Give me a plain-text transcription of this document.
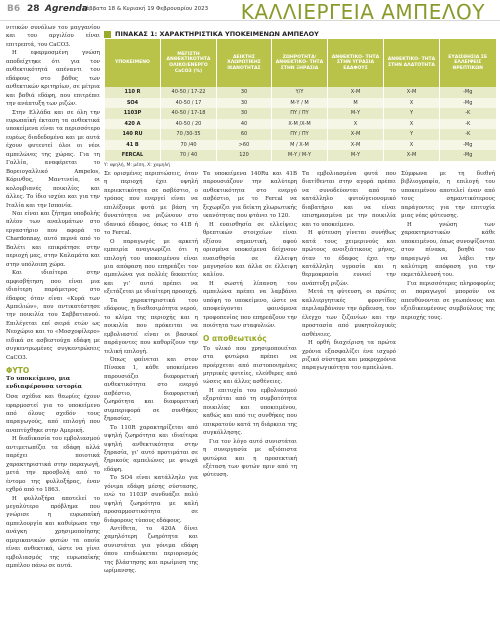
B6 28 Agrenda
Σάββατο 18 & Κυριακή 19 Φεβρουαρίου 2023 ΚΑΛΛΙΕΡΓΕΙΑ ΑΜΠΕΛΟΥ

νιτικών συνόλων του μαγγανίου και του αργιλίου είναι επιτρεπτά, του CaCO3.

Η εφαρμοσμένη γνώση αποδείχτηκε ότι για τον ανθεκτικότητά απέναντι του εδάφους στο βάθος των ανθεκτικών κριτηρίων, σε μέτρια και βαθιά εδάφη, που επιτρέπει την ανάπτυξη των ριζών.

Στην Ελλάδα και σε όλη την ευρωπαϊκή έκταση τα ανθεκτικά υποκείμενα είναι τα περισσότερο ευρέως διαδεδομένα και με αυτά έχουν φυτευτεί όλοι οι νέοι αμπελώνες της χώρας. Για τη Γαλλία, αναφέρεται το Βορειογαλλικό Ampelos, Κόρινθος, Μαντινεία, οι κολομβιανές ποικιλίες και άλλες. Το ίδιο ισχύει και για την Ιταλία και την Ισπανία.

Ναι είναι και ζήτημα υποβολής πλέον των αναλυμάτων στο εργαστήριο που αφορά το Chardonnay, αυτό περνά από το Βαλέτι και επικράτησε στην περιοχή μας, στην Καλαμάτα και στην υπόλοιπη χώρα.

Και ιδιαίτερα στην αμφισβήτηση που είναι μια ιδιαίτερη παράμετρος στο έδαφος όταν είναι «Κυρά των Αμπελιών», που αντικατέστησε την ποικιλία του Σαββατιανού. Επιλέγεται επί σειρά ετών ως Νεοχώριο και το «Μοσχοφίλερο» ειδικά σε ασβεστούχα εδάφη με συγκεντρωμένες συγκεντρώσεις CaCO3.

ΦΥΤΟ
Το υποκείμενο, μια ενδιαφέρουσα ιστορία

Όσα σχέδια και θεωρίες έχουν εφαρμοστεί για το υποκείμενο από όλους σχεδόν τους παραγωγούς, από επιλογή που αναπτύχθηκε στην Αμερική.

Η διαδικασία του εμβολιασμού αντιμετωπίζει τα εδάφη αλλά παρέχει ποιοτικά χαρακτηριστικά στην παραγωγή, μετά την προσβολή από το έντομο της φυλλοξήρας, έναν εχθρό από το 1863.

Η φυλλοξήρα αποτελεί το μεγαλύτερο πρόβλημα που γνώρισε η ευρωπαϊκή αμπελουργία και καθιέρωσε την ανάγκη χρησιμοποίησης αμερικανικών φυτών τα οποία είναι ανθεκτικά, ώστε να γίνει εμβολιασμός της ευρωπαϊκής αμπέλου πάνω σε αυτά.

ΠΙΝΑΚΑΣ 1: ΧΑΡΑΚΤΗΡΙΣΤΙΚΑ ΥΠΟΚΕΙΜΕΝΩΝ ΑΜΠΕΛΟΥ
ΥΠΟΚΕΙΜΕΝΟ	ΜΕΓΙΣΤΗ ΑΝΘΕΚΤΙΚΟΤΗΤΑ ΟΛΙΚΟ/ΕΝΕΡΓΟ CaCO3 (%)	ΔΕΙΚΤΗΣ ΧΛΩΡΩΤΙΚΗΣ ΙΚΑΝΟΤΗΤΑΣ	ΖΩΗΡΟΤΗΤΑ/ ΑΝΘΕΚΤΙΚΟ- ΤΗΤΑ ΣΤΗΝ ΞΗΡΑΣΙΑ	ΑΝΘΕΚΤΙΚΟ- ΤΗΤΑ ΣΤΗΝ ΥΓΡΑΣΙΑ ΕΔΑΦΟΥΣ	ΑΝΘΕΚΤΙΚΟ- ΤΗΤΑ ΣΤΗΝ ΑΛΑΤΟΤΗΤΑ	ΕΥΑΙΣΘΗΣΙΑ ΣΕ ΕΛΛΕΙΨΕΙΣ ΘΡΕΠΤΙΚΩΝ
110 R	40-50 / 17-22	30	Υ/Υ	Χ-Μ	Χ-Μ	-Mg
SO4	40-50 / 17	30	Μ-Υ / Μ	Μ	Χ	-Mg
1103P	40-50 / 17-18	30	ΠΥ / ΠΥ	Μ-Υ	Υ	-Κ
420 A	40-50 / 20	40	Χ-Μ /Χ-Μ	Χ	Χ	-Κ
140 RU	70 /30-35	60	ΠΥ / ΠΥ	Χ-Μ	Υ	-Κ
41 B	70 /40	>60	Μ / Χ-Μ	Χ-Μ	Χ	-Mg
FERCAL	70 / 40	120	Μ-Υ / Μ-Υ	Μ-Υ	Χ-Μ	-Mg
Υ: υψηλή, Μ: μέση, Χ: χαμηλή

Σε ορισμένες περιπτώσεις, όταν η περιοχή έχει υψηλή περιεκτικότητα σε ασβέστιο, ο τρόπος που ενεργεί είναι να επιλέξουμε φυτά με βάση τη δυνατότητα να ριζώνουν στο ιδανικό έδαφος, όπως το 41B ή το Fercal.

Ο παραγωγός με αρκετή εμπειρία αναγνωρίζει ότι η επιλογή του υποκειμένου είναι μια απόφαση που επηρεάζει τον αμπελώνα για πολλές δεκαετίες και γι’ αυτό πρέπει να εξετάζεται με ιδιαίτερη προσοχή.

Τα χαρακτηριστικά του εδάφους, η διαθεσιμότητα νερού, το κλίμα της περιοχής και η ποικιλία που πρόκειται να εμβολιαστεί είναι οι βασικοί παράγοντες που καθορίζουν την τελική επιλογή.

Όπως φαίνεται και στον Πίνακα 1, κάθε υποκείμενο παρουσιάζει διαφορετική ανθεκτικότητα στο ενεργό ασβέστιο, διαφορετική ζωηρότητα και διαφορετική συμπεριφορά σε συνθήκες ξηρασίας.

Το 110R χαρακτηρίζεται από υψηλή ζωηρότητα και ιδιαίτερα υψηλή ανθεκτικότητα στην ξηρασία, γι’ αυτό προτιμάται σε ξηρικούς αμπελώνες με φτωχά εδάφη.

Το SO4 είναι κατάλληλο για γόνιμα εδάφη μέσης σύστασης, ενώ το 1103P συνδυάζει πολύ υψηλή ζωηρότητα με καλή προσαρμοστικότητα σε διάφορους τύπους εδάφους.

Αντίθετα, το 420A δίνει χαμηλότερη ζωηρότητα και συνιστάται για γόνιμα εδάφη όπου επιδιώκεται περιορισμός της βλάστησης και πρωίμιση της ωρίμανσης.

Τα υποκείμενα 140Ru και 41B παρουσιάζουν την καλύτερη ανθεκτικότητα στο ενεργό ασβέστιο, με το Fercal να ξεχωρίζει για δείκτη χλωρωτικής ικανότητας που φτάνει το 120.

Η ευαισθησία σε ελλείψεις θρεπτικών στοιχείων είναι εξίσου σημαντική, αφού ορισμένα υποκείμενα δείχνουν ευαισθησία σε έλλειψη μαγνησίου και άλλα σε έλλειψη καλίου.

Η σωστή λίπανση του αμπελώνα πρέπει να λαμβάνει υπόψη το υποκείμενο, ώστε να αποφεύγονται φαινόμενα τροφοπενίας που επηρεάζουν την ποιότητα των σταφυλιών.

Ο αποθεωτικός

Το υλικό που χρησιμοποιείται στα φυτώρια πρέπει να προέρχεται από πιστοποιημένες μητρικές φυτείες, ελεύθερες από ιώσεις και άλλες ασθένειες.

Η επιτυχία του εμβολιασμού εξαρτάται από τη συμβατότητα ποικιλίας και υποκειμένου, καθώς και από τις συνθήκες που επικρατούν κατά τη διάρκεια της συγκόλλησης.

Για τον λόγο αυτό συνιστάται η συνεργασία με αξιόπιστα φυτώρια και η προσεκτική εξέταση των φυτών πριν από τη φύτευση.

Τα εμβολιασμένα φυτά που διατίθενται στην αγορά πρέπει να συνοδεύονται από το κατάλληλο φυτοϋγειονομικό διαβατήριο και να είναι επισημασμένα με την ποικιλία και το υποκείμενο.

Η φύτευση γίνεται συνήθως κατά τους χειμερινούς και πρώτους ανοιξιάτικους μήνες, όταν το έδαφος έχει την κατάλληλη υγρασία και η θερμοκρασία ευνοεί την ανάπτυξη ριζών.

Μετά τη φύτευση, οι πρώτες καλλιεργητικές φροντίδες περιλαμβάνουν την άρδευση, τον έλεγχο των ζιζανίων και την προστασία από μυκητολογικές ασθένειες.

Η ορθή διαχείριση τα πρώτα χρόνια εξασφαλίζει ένα ισχυρό ριζικό σύστημα και μακροχρόνια παραγωγικότητα του αμπελώνα.

Σύμφωνα με τη διεθνή βιβλιογραφία, η επιλογή του υποκειμένου αποτελεί έναν από τους σημαντικότερους παράγοντες για την επιτυχία μιας νέας φύτευσης.

Η γνώση των χαρακτηριστικών κάθε υποκειμένου, όπως συνοψίζονται στον πίνακα, βοηθά τον παραγωγό να λάβει την καλύτερη απόφαση για την εκμετάλλευσή του.

Για περισσότερες πληροφορίες οι παραγωγοί μπορούν να απευθύνονται σε γεωπόνους και εξειδικευμένους συμβούλους της περιοχής τους.
